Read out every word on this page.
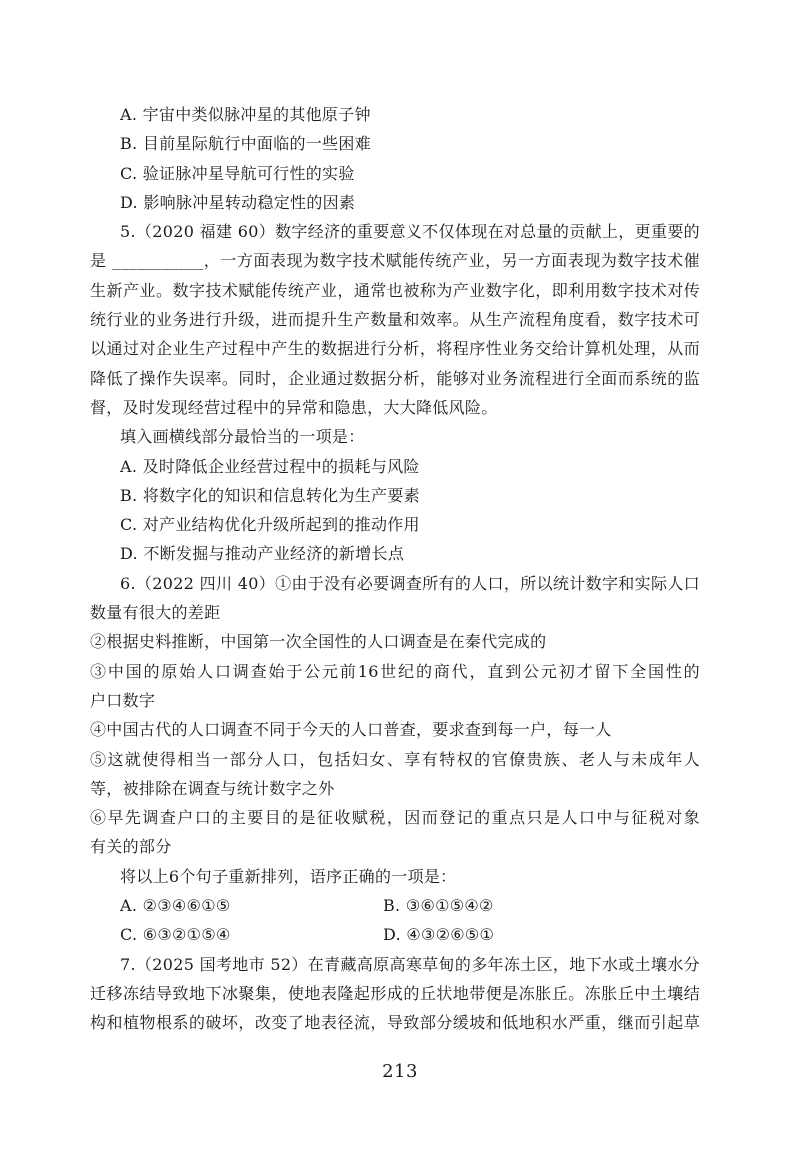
A. 宇宙中类似脉冲星的其他原子钟
B. 目前星际航行中面临的一些困难
C. 验证脉冲星导航可行性的实验
D. 影响脉冲星转动稳定性的因素
5.（2020 福建 60）数字经济的重要意义不仅体现在对总量的贡献上，更重要的
是 ___________，一方面表现为数字技术赋能传统产业，另一方面表现为数字技术催
生新产业。数字技术赋能传统产业，通常也被称为产业数字化，即利用数字技术对传
统行业的业务进行升级，进而提升生产数量和效率。从生产流程角度看，数字技术可
以通过对企业生产过程中产生的数据进行分析，将程序性业务交给计算机处理，从而
降低了操作失误率。同时，企业通过数据分析，能够对业务流程进行全面而系统的监
督，及时发现经营过程中的异常和隐患，大大降低风险。
填入画横线部分最恰当的一项是：
A. 及时降低企业经营过程中的损耗与风险
B. 将数字化的知识和信息转化为生产要素
C. 对产业结构优化升级所起到的推动作用
D. 不断发掘与推动产业经济的新增长点
6.（2022 四川 40）①由于没有必要调查所有的人口，所以统计数字和实际人口
数量有很大的差距
②根据史料推断，中国第一次全国性的人口调查是在秦代完成的
③中国的原始人口调查始于公元前16世纪的商代，直到公元初才留下全国性的
户口数字
④中国古代的人口调查不同于今天的人口普查，要求查到每一户，每一人
⑤这就使得相当一部分人口，包括妇女、享有特权的官僚贵族、老人与未成年人
等，被排除在调查与统计数字之外
⑥早先调查户口的主要目的是征收赋税，因而登记的重点只是人口中与征税对象
有关的部分
将以上6个句子重新排列，语序正确的一项是：
A. ②③④⑥①⑤	B. ③⑥①⑤④②
C. ⑥③②①⑤④	D. ④③②⑥⑤①
7.（2025 国考地市 52）在青藏高原高寒草甸的多年冻土区，地下水或土壤水分
迁移冻结导致地下冰聚集，使地表隆起形成的丘状地带便是冻胀丘。冻胀丘中土壤结
构和植物根系的破坏，改变了地表径流，导致部分缓坡和低地积水严重，继而引起草
213
